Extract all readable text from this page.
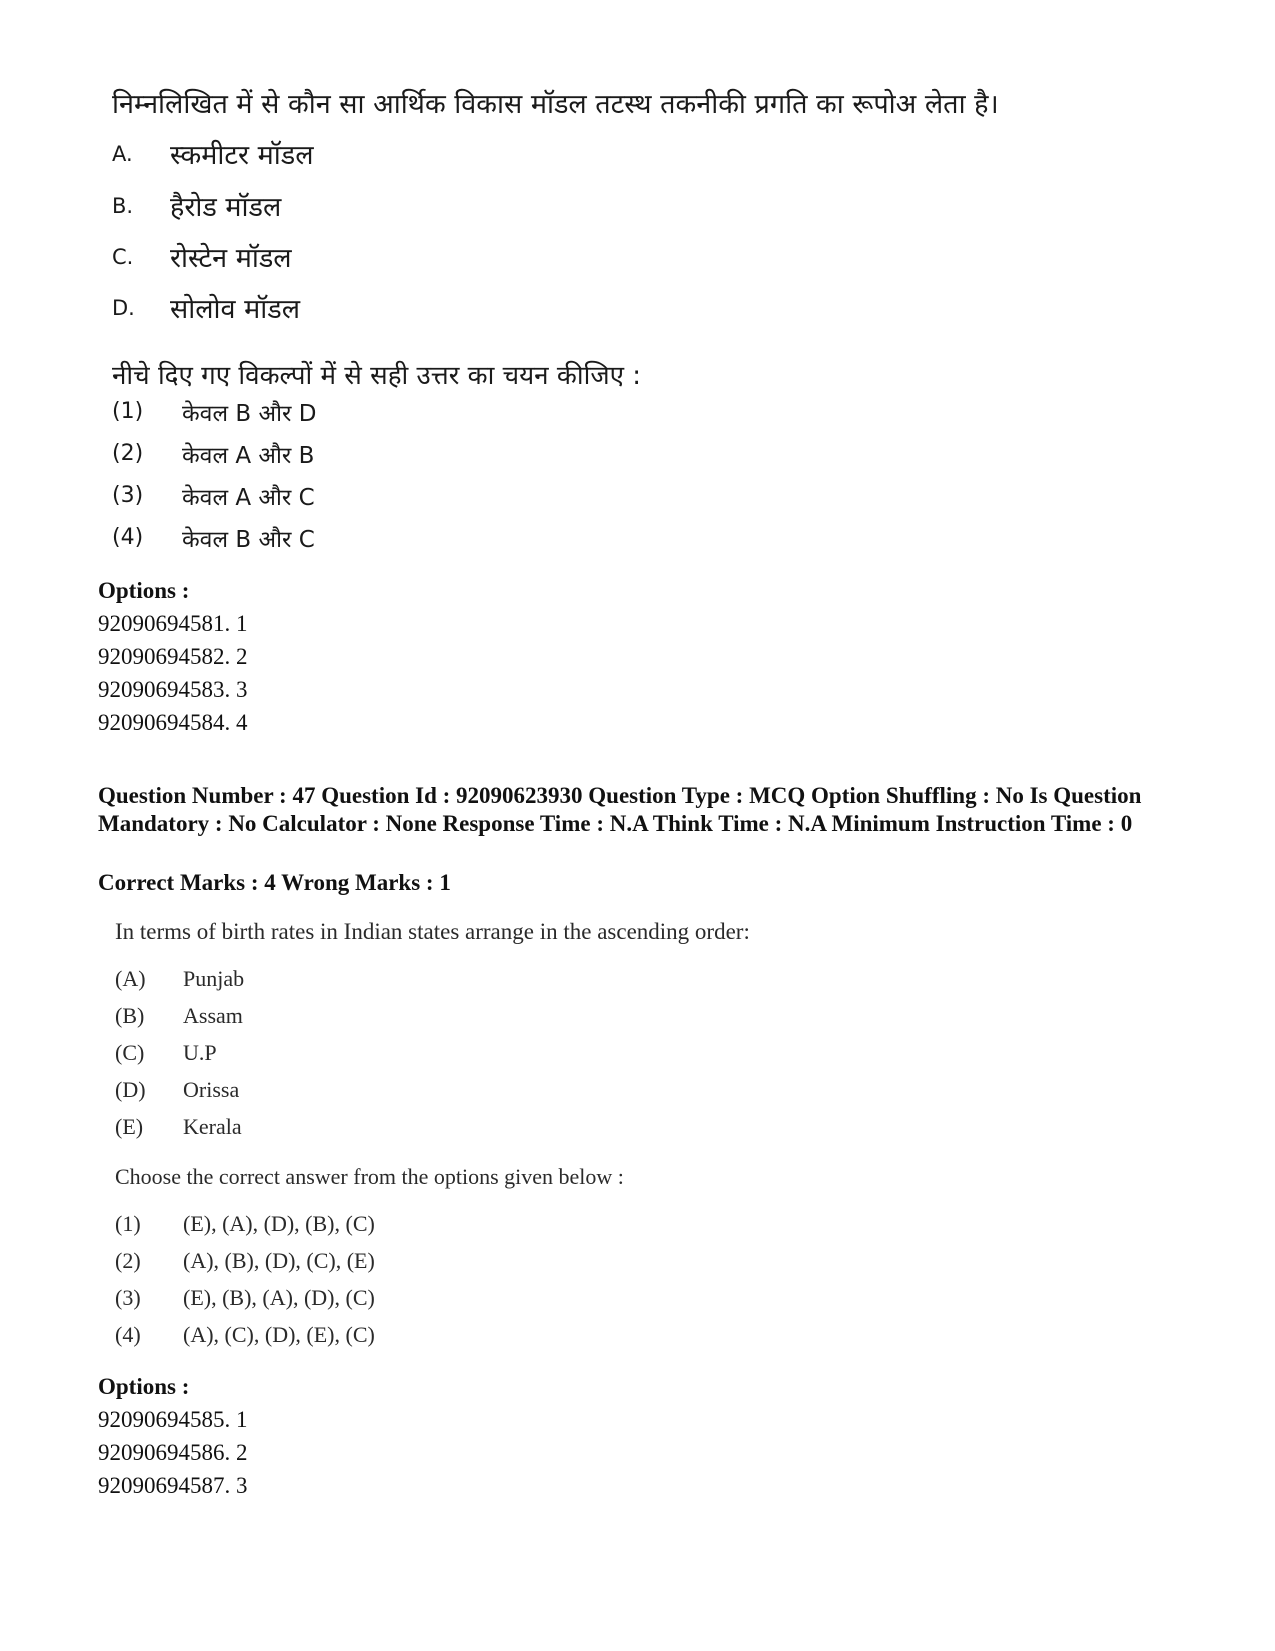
निम्नलिखित में से कौन सा आर्थिक विकास मॉडल तटस्थ तकनीकी प्रगति का रूपोअ लेता है।
A. स्कमीटर मॉडल
B. हैरोड मॉडल
C. रोस्टेन मॉडल
D. सोलोव मॉडल
नीचे दिए गए विकल्पों में से सही उत्तर का चयन कीजिए :
(1) केवल B और D
(2) केवल A और B
(3) केवल A और C
(4) केवल B और C
Options :
92090694581. 1
92090694582. 2
92090694583. 3
92090694584. 4
Question Number : 47 Question Id : 92090623930 Question Type : MCQ Option Shuffling : No Is Question Mandatory : No Calculator : None Response Time : N.A Think Time : N.A Minimum Instruction Time : 0
Correct Marks : 4 Wrong Marks : 1
In terms of birth rates in Indian states arrange in the ascending order:
(A) Punjab
(B) Assam
(C) U.P
(D) Orissa
(E) Kerala
Choose the correct answer from the options given below :
(1) (E), (A), (D), (B), (C)
(2) (A), (B), (D), (C), (E)
(3) (E), (B), (A), (D), (C)
(4) (A), (C), (D), (E), (C)
Options :
92090694585. 1
92090694586. 2
92090694587. 3
